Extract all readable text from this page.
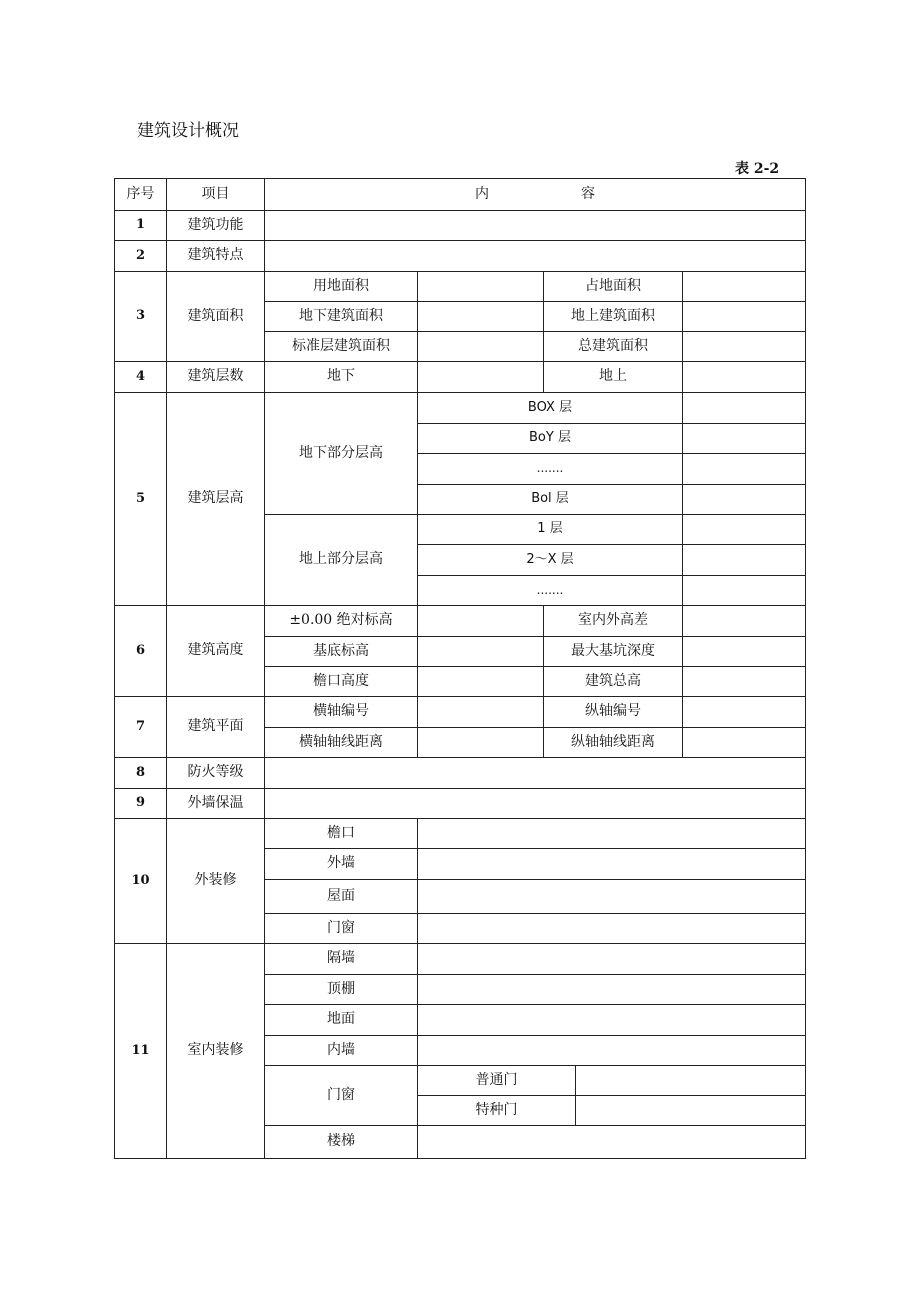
建筑设计概况
表 2-2
序号	项目	内 容				

1	建筑功能					
2	建筑特点					
3	建筑面积	用地面积		占地面积		
		地下建筑面积		地上建筑面积		
		标准层建筑面积		总建筑面积		
4	建筑层数	地下		地上		
5	建筑层高	地下部分层高	BOX 层			
			BoY 层			
			.......			
			Bol 层			
		地上部分层高	1 层			
			2～X 层			
			.......			
6	建筑高度	±0.00 绝对标高		室内外高差		
		基底标高		最大基坑深度		
		檐口高度		建筑总高		
7	建筑平面	横轴编号		纵轴编号		
		横轴轴线距离		纵轴轴线距离		
8	防火等级					
9	外墙保温					
10	外装修	檐口				
		外墙				
		屋面				
		门窗				
11	室内装修	隔墙				
		顶棚				
		地面				
		内墙				
		门窗	普通门			
			特种门			
		楼梯				
